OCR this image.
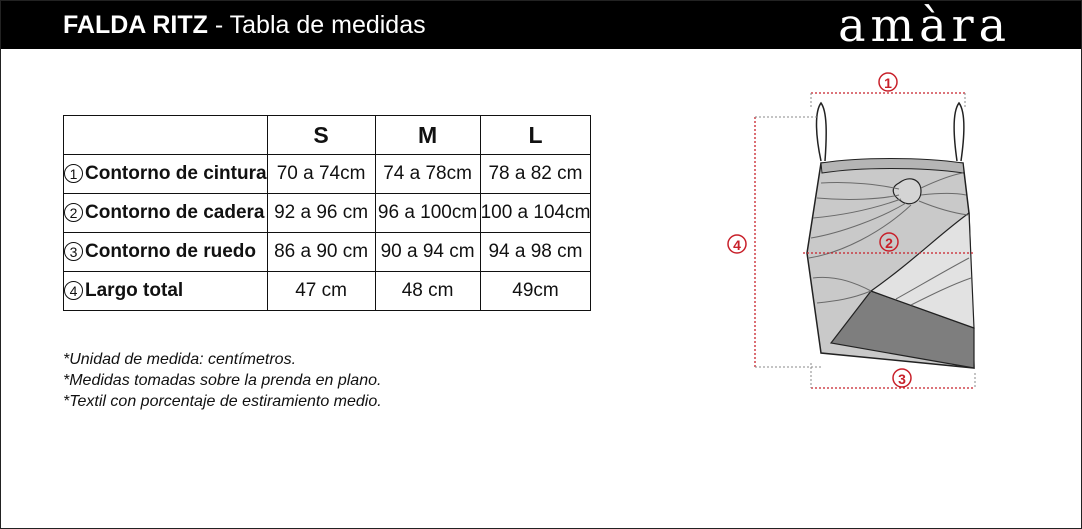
FALDA RITZ - Tabla de medidas	amàra
	S	M	L
1 Contorno de cintura	70 a 74cm	74 a 78cm	78 a 82 cm
2 Contorno de cadera	92 a 96 cm	96 a 100cm	100 a 104cm
3 Contorno de ruedo	86 a 90 cm	90 a 94 cm	94 a 98 cm
4 Largo total	47 cm	48 cm	49cm
*Unidad de medida: centímetros.
*Medidas tomadas sobre la prenda en plano.
*Textil con porcentaje de estiramiento medio.
1
2
3
4
